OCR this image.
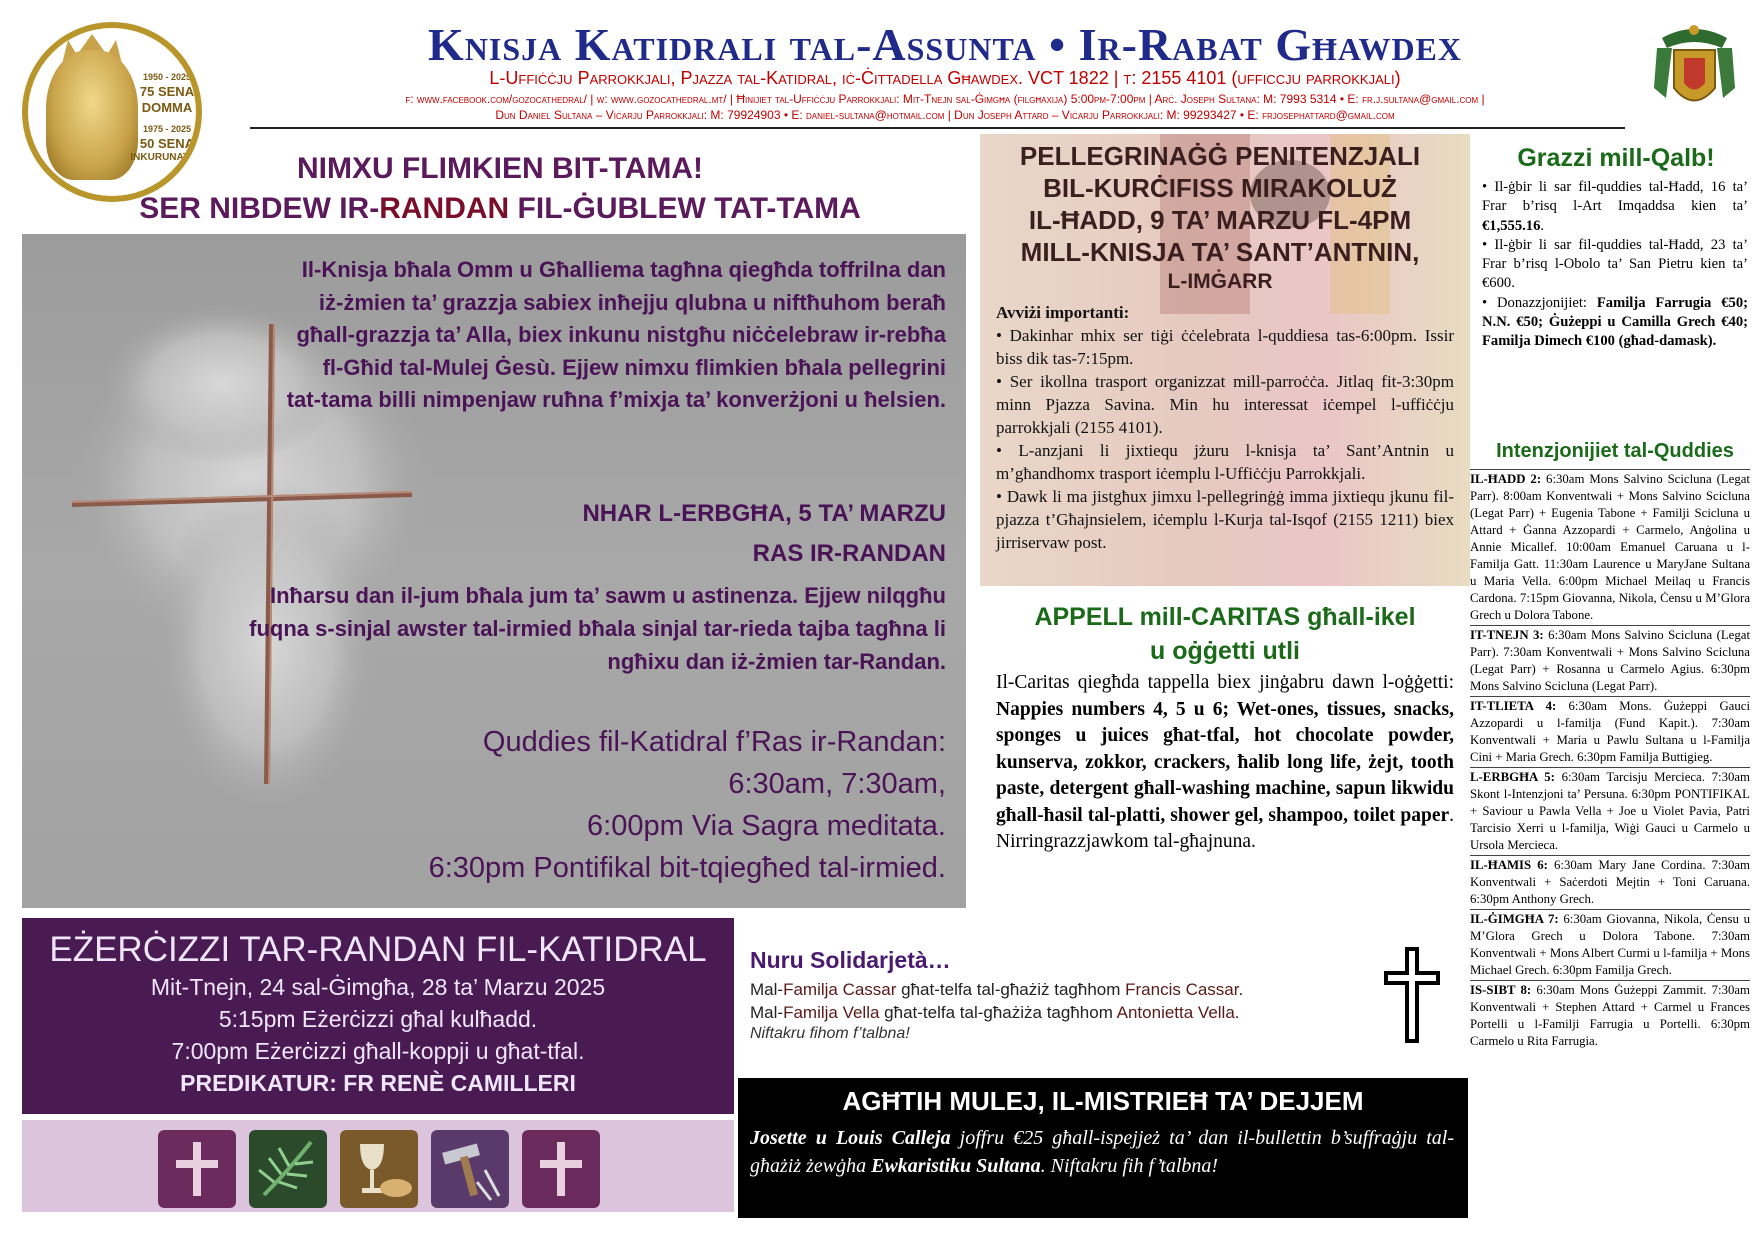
1950 - 2025
75 SENA
DOMMA
1975 - 2025
50 SENA
INKURUNATA
Knisja Katidrali tal-Assunta • Ir-Rabat Għawdex
L-Uffiċċju Parrokkjali, Pjazza tal-Katidral, iċ-Ċittadella Għawdex. VCT 1822 | t: 2155 4101 (ufficcju parrokkjali)
f: www.facebook.com/gozocathedral/ | w: www.gozocathedral.mt/ | Ħinijiet tal-Uffiċċju Parrokkjali: Mit-Tnejn sal-Ġimgħa (filgħaxija) 5:00pm-7:00pm | Arċ. Joseph Sultana: M: 7993 5314 • E: fr.j.sultana@gmail.com |
Dun Daniel Sultana – Viċarju Parrokkjali: M: 79924903 • E: daniel-sultana@hotmail.com | Dun Joseph Attard – Viċarju Parrokkjali: M: 99293427 • E: frjosephattard@gmail.com
NIMXU FLIMKIEN BIT-TAMA!
SER NIBDEW IR-RANDAN FIL-ĠUBLEW TAT-TAMA
Il-Knisja bħala Omm u Għalliema tagħna qiegħda toffrilna dan iż-żmien ta’ grazzja sabiex inħejju qlubna u niftħuhom beraħ għall-grazzja ta’ Alla, biex inkunu nistgħu niċċelebraw ir-rebħa fl-Għid tal-Mulej Ġesù. Ejjew nimxu flimkien bħala pellegrini tat-tama billi nimpenjaw ruħna f’mixja ta’ konverżjoni u ħelsien.
NHAR L-ERBGĦA, 5 TA’ MARZU
RAS IR-RANDAN
Inħarsu dan il-jum bħala jum ta’ sawm u astinenza. Ejjew nilqgħu fuqna s-sinjal awster tal-irmied bħala sinjal tar-rieda tajba tagħna li ngħixu dan iż-żmien tar-Randan.
Quddies fil-Katidral f’Ras ir-Randan:
6:30am, 7:30am,
6:00pm Via Sagra meditata.
6:30pm Pontifikal bit-tqiegħed tal-irmied.
EŻERĊIZZI TAR-RANDAN FIL-KATIDRAL
Mit-Tnejn, 24 sal-Ġimgħa, 28 ta’ Marzu 2025
5:15pm Eżerċizzi għal kulħadd.
7:00pm Eżerċizzi għall-koppji u għat-tfal.
PREDIKATUR: FR RENÈ CAMILLERI
PELLEGRINAĠĠ PENITENZJALI
BIL-KURĊIFISS MIRAKOLUŻ
IL-ĦADD, 9 TA’ MARZU FL-4PM
MILL-KNISJA TA’ SANT’ANTNIN,
L-IMĠARR
Avviżi importanti:
• Dakinhar mhix ser tiġi ċċelebrata l-quddiesa tas-6:00pm. Issir biss dik tas-7:15pm.
• Ser ikollna trasport organizzat mill-parroċċa. Jitlaq fit-3:30pm minn Pjazza Savina. Min hu interessat iċempel l-uffiċċju parrokkjali (2155 4101).
• L-anzjani li jixtiequ jżuru l-knisja ta’ Sant’Antnin u m’għandhomx trasport iċemplu l-Uffiċċju Parrokkjali.
• Dawk li ma jistgħux jimxu l-pellegrinġġ imma jixtiequ jkunu fil-pjazza t’Għajnsielem, iċemplu l-Kurja tal-Isqof (2155 1211) biex jirriservaw post.
APPELL mill-CARITAS għall-ikel
u oġġetti utli
Il-Caritas qiegħda tappella biex jinġabru dawn l-oġġetti: Nappies numbers 4, 5 u 6; Wet-ones, tissues, snacks, sponges u juices għat-tfal, hot chocolate powder, kunserva, zokkor, crackers, ħalib long life, żejt, tooth paste, detergent għall-washing machine, sapun likwidu għall-ħasil tal-platti, shower gel, shampoo, toilet paper. Nirringrazzjawkom tal-għajnuna.
Nuru Solidarjetà…
Mal-Familja Cassar għat-telfa tal-għażiż tagħhom Francis Cassar.
Mal-Familja Vella għat-telfa tal-għażiża tagħhom Antonietta Vella.
Niftakru fihom f’talbna!
AGĦTIH MULEJ, IL-MISTRIEĦ TA’ DEJJEM
Josette u Louis Calleja joffru €25 għall-ispejjeż ta’ dan il-bullettin b’suffraġju tal-għażiż żewġha Ewkaristiku Sultana. Niftakru fih f’talbna!
Grazzi mill-Qalb!
• Il-ġbir li sar fil-quddies tal-Ħadd, 16 ta’ Frar b’risq l-Art Imqaddsa kien ta’ €1,555.16.
• Il-ġbir li sar fil-quddies tal-Ħadd, 23 ta’ Frar b’risq l-Obolo ta’ San Pietru kien ta’ €600.
• Donazzjonijiet: Familja Farrugia €50; N.N. €50; Ġużeppi u Camilla Grech €40; Familja Dimech €100 (għad-damask).
Intenzjonijiet tal-Quddies
IL-ĦADD 2: 6:30am Mons Salvino Scicluna (Legat Parr). 8:00am Konventwali + Mons Salvino Scicluna (Legat Parr) + Eugenia Tabone + Familji Scicluna u Attard + Ġanna Azzopardi + Carmelo, Anġolina u Annie Micallef. 10:00am Emanuel Caruana u l-Familja Gatt. 11:30am Laurence u MaryJane Sultana u Maria Vella. 6:00pm Michael Meilaq u Francis Cardona. 7:15pm Giovanna, Nikola, Ċensu u M’Glora Grech u Dolora Tabone.
IT-TNEJN 3: 6:30am Mons Salvino Scicluna (Legat Parr). 7:30am Konventwali + Mons Salvino Scicluna (Legat Parr) + Rosanna u Carmelo Agius. 6:30pm Mons Salvino Scicluna (Legat Parr).
IT-TLIETA 4: 6:30am Mons. Ġużeppi Gauci Azzopardi u l-familja (Fund Kapit.). 7:30am Konventwali + Maria u Pawlu Sultana u l-Familja Cini + Maria Grech. 6:30pm Familja Buttigieg.
L-ERBGĦA 5: 6:30am Tarcisju Mercieca. 7:30am Skont l-Intenzjoni ta’ Persuna. 6:30pm PONTIFIKAL + Saviour u Pawla Vella + Joe u Violet Pavia, Patri Tarcisio Xerri u l-familja, Wiġi Gauci u Carmelo u Ursola Mercieca.
IL-ĦAMIS 6: 6:30am Mary Jane Cordina. 7:30am Konventwali + Saċerdoti Mejtin + Toni Caruana. 6:30pm Anthony Grech.
IL-ĠIMGĦA 7: 6:30am Giovanna, Nikola, Ċensu u M’Glora Grech u Dolora Tabone. 7:30am Konventwali + Mons Albert Curmi u l-familja + Mons Michael Grech. 6:30pm Familja Grech.
IS-SIBT 8: 6:30am Mons Ġużeppi Zammit. 7:30am Konventwali + Stephen Attard + Carmel u Frances Portelli u l-Familji Farrugia u Portelli. 6:30pm Carmelo u Rita Farrugia.
